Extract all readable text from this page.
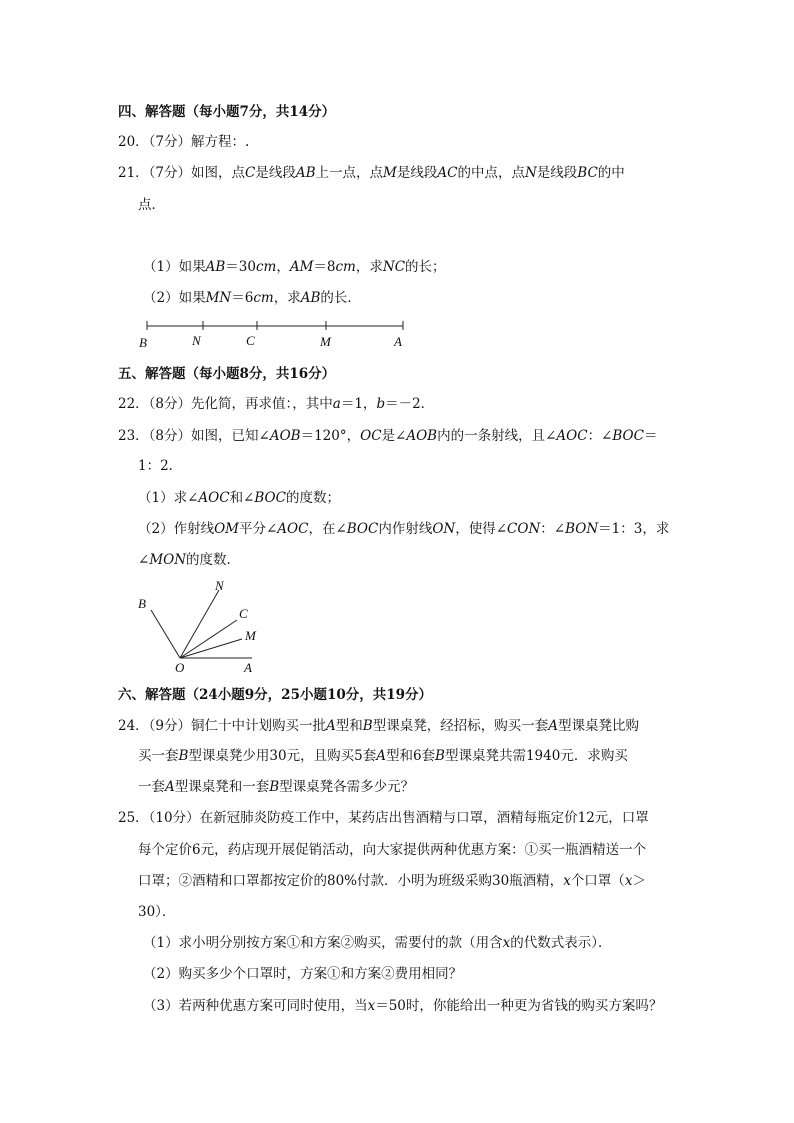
四、解答题（每小题7分，共14分）
20．（7分）解方程：.
21．（7分）如图，点C是线段AB上一点，点M是线段AC的中点，点N是线段BC的中
点．
（1）如果AB＝30cm，AM＝8cm，求NC的长；
（2）如果MN＝6cm，求AB的长．
B	N	C	M	A
五、解答题（每小题8分，共16分）
22．（8分）先化简，再求值：，其中a＝1，b＝－2．
23．（8分）如图，已知∠AOB＝120°，OC是∠AOB内的一条射线，且∠AOC：∠BOC＝
1：2．
（1）求∠AOC和∠BOC的度数；
（2）作射线OM平分∠AOC，在∠BOC内作射线ON，使得∠CON：∠BON＝1：3，求
∠MON的度数．
B
N
C
M
O	A
六、解答题（24小题9分，25小题10分，共19分）
24．（9分）铜仁十中计划购买一批A型和B型课桌凳，经招标，购买一套A型课桌凳比购
买一套B型课桌凳少用30元，且购买5套A型和6套B型课桌凳共需1940元．求购买
一套A型课桌凳和一套B型课桌凳各需多少元？
25．（10分）在新冠肺炎防疫工作中，某药店出售酒精与口罩，酒精每瓶定价12元，口罩
每个定价6元，药店现开展促销活动，向大家提供两种优惠方案：①买一瓶酒精送一个
口罩；②酒精和口罩都按定价的80%付款．小明为班级采购30瓶酒精，x个口罩（x＞
30）．
（1）求小明分别按方案①和方案②购买，需要付的款（用含x的代数式表示）．
（2）购买多少个口罩时，方案①和方案②费用相同？
（3）若两种优惠方案可同时使用，当x＝50时，你能给出一种更为省钱的购买方案吗？
